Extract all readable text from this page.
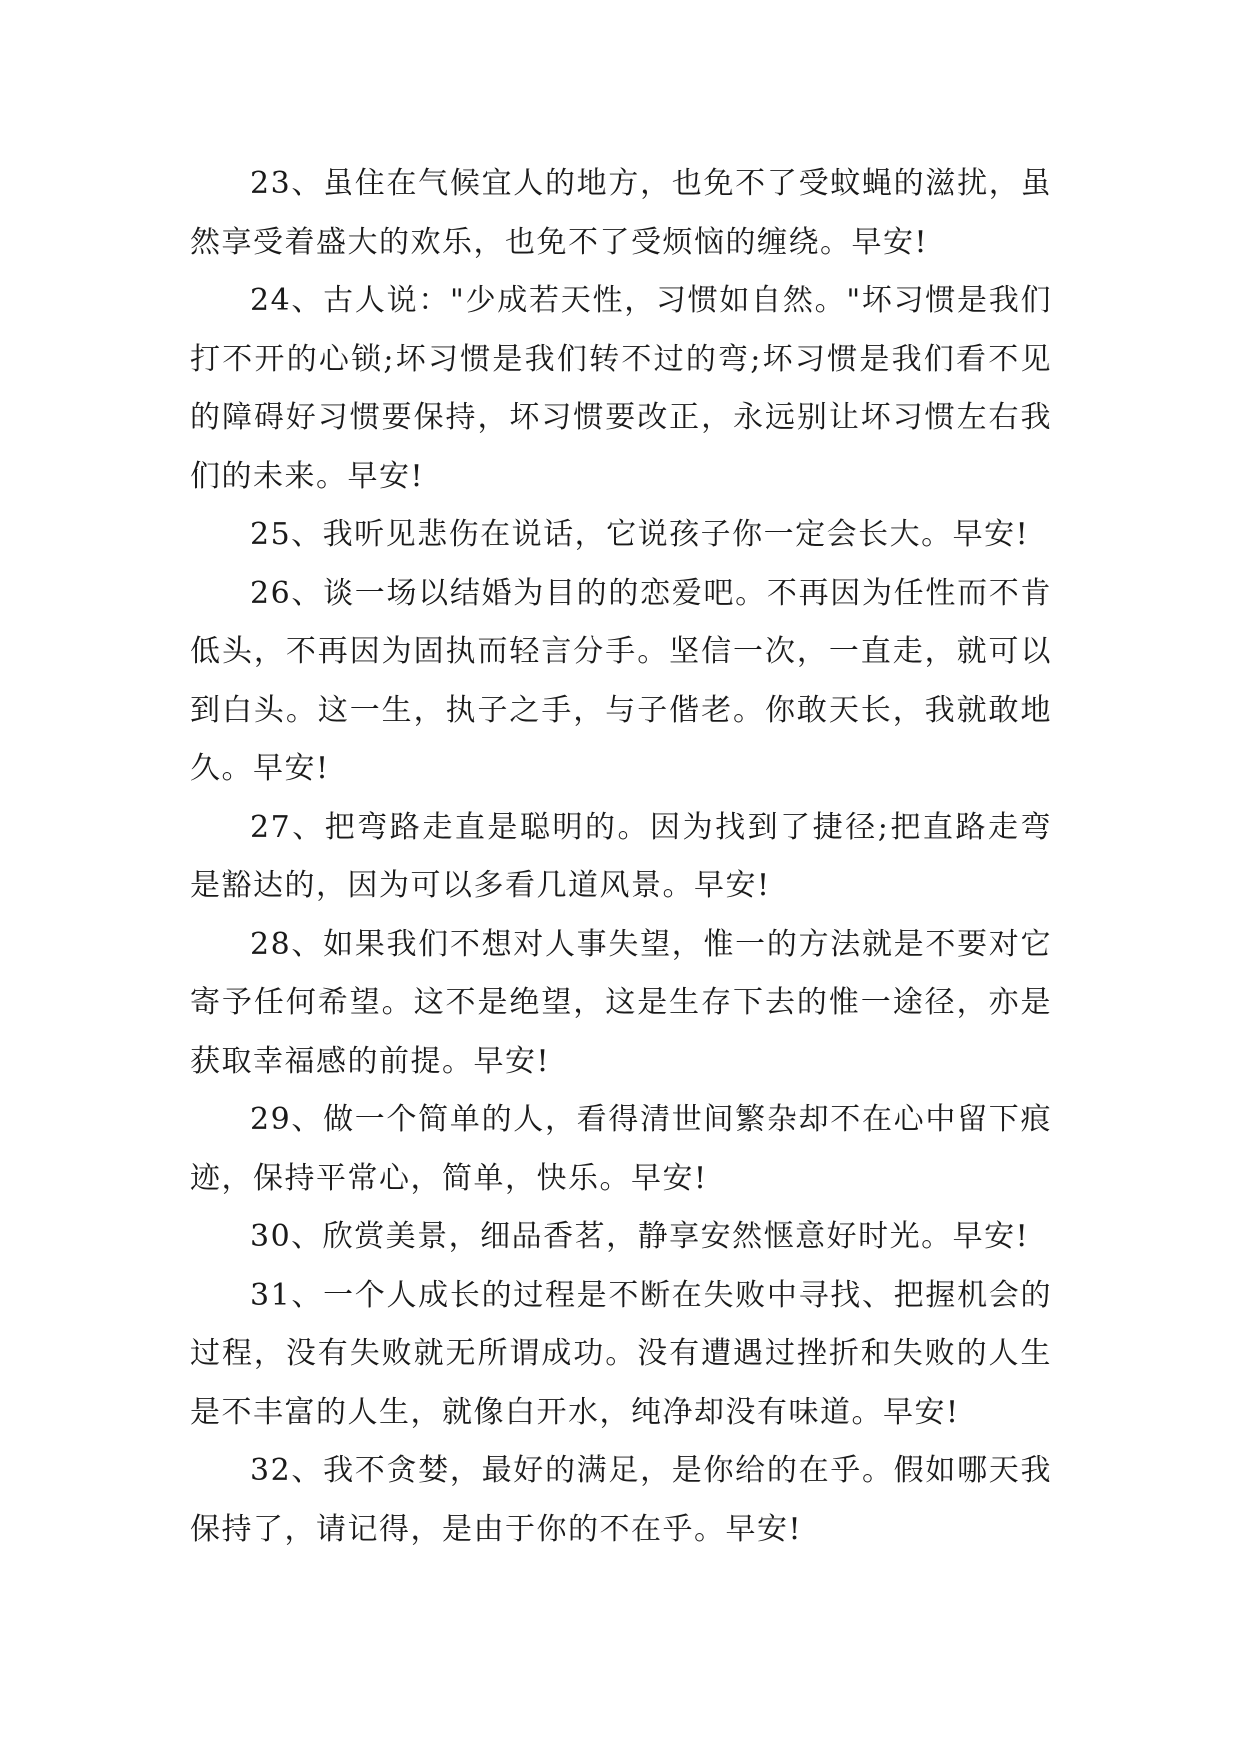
23、虽住在气候宜人的地方，也免不了受蚊蝇的滋扰，虽然享受着盛大的欢乐，也免不了受烦恼的缠绕。早安!

24、古人说："少成若天性，习惯如自然。"坏习惯是我们打不开的心锁;坏习惯是我们转不过的弯;坏习惯是我们看不见的障碍好习惯要保持，坏习惯要改正，永远别让坏习惯左右我们的未来。早安!

25、我听见悲伤在说话，它说孩子你一定会长大。早安!

26、谈一场以结婚为目的的恋爱吧。不再因为任性而不肯低头，不再因为固执而轻言分手。坚信一次，一直走，就可以到白头。这一生，执子之手，与子偕老。你敢天长，我就敢地久。早安!

27、把弯路走直是聪明的。因为找到了捷径;把直路走弯是豁达的，因为可以多看几道风景。早安!

28、如果我们不想对人事失望，惟一的方法就是不要对它寄予任何希望。这不是绝望，这是生存下去的惟一途径，亦是获取幸福感的前提。早安!

29、做一个简单的人，看得清世间繁杂却不在心中留下痕迹，保持平常心，简单，快乐。早安!

30、欣赏美景，细品香茗，静享安然惬意好时光。早安!

31、一个人成长的过程是不断在失败中寻找、把握机会的过程，没有失败就无所谓成功。没有遭遇过挫折和失败的人生是不丰富的人生，就像白开水，纯净却没有味道。早安!

32、我不贪婪，最好的满足，是你给的在乎。假如哪天我保持了，请记得，是由于你的不在乎。早安!
